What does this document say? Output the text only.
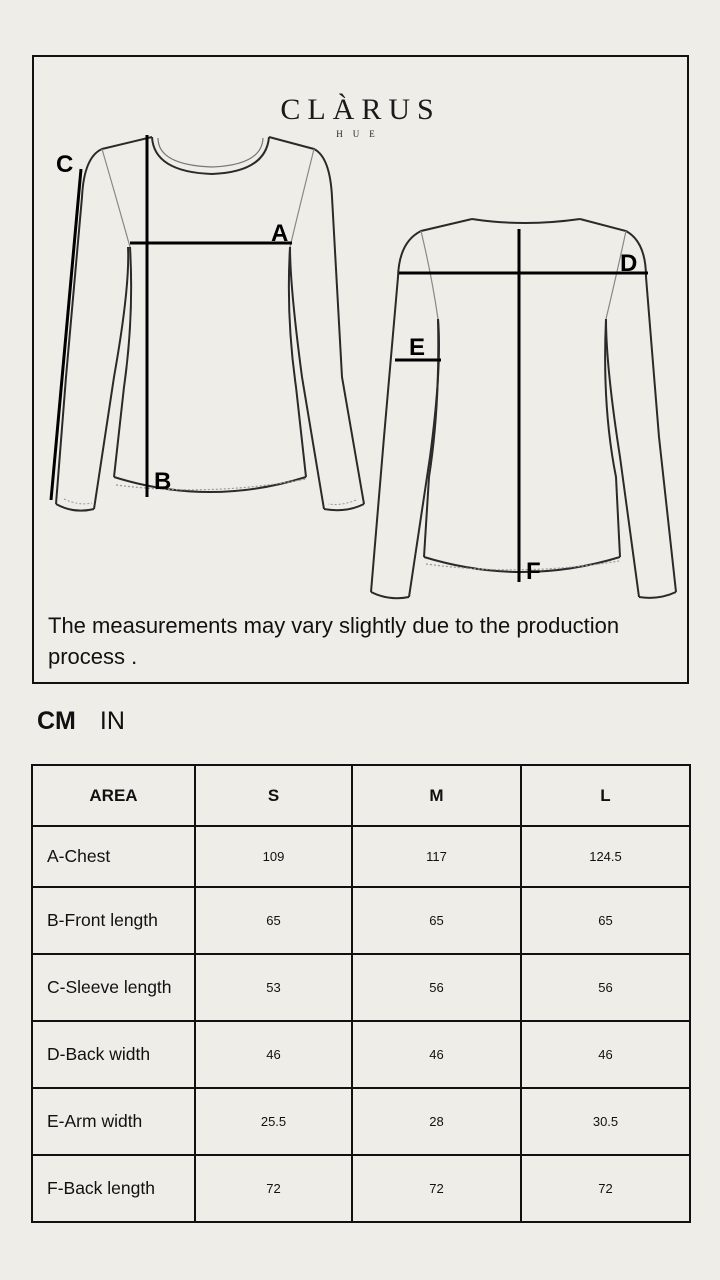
A
B
C
D
E
F
CLÀRUS
HUE
The measurements may vary slightly due to the production process .
CM IN
AREA	S	M	L
A-Chest	109	117	124.5
B-Front length	65	65	65
C-Sleeve length	53	56	56
D-Back width	46	46	46
E-Arm width	25.5	28	30.5
F-Back length	72	72	72
